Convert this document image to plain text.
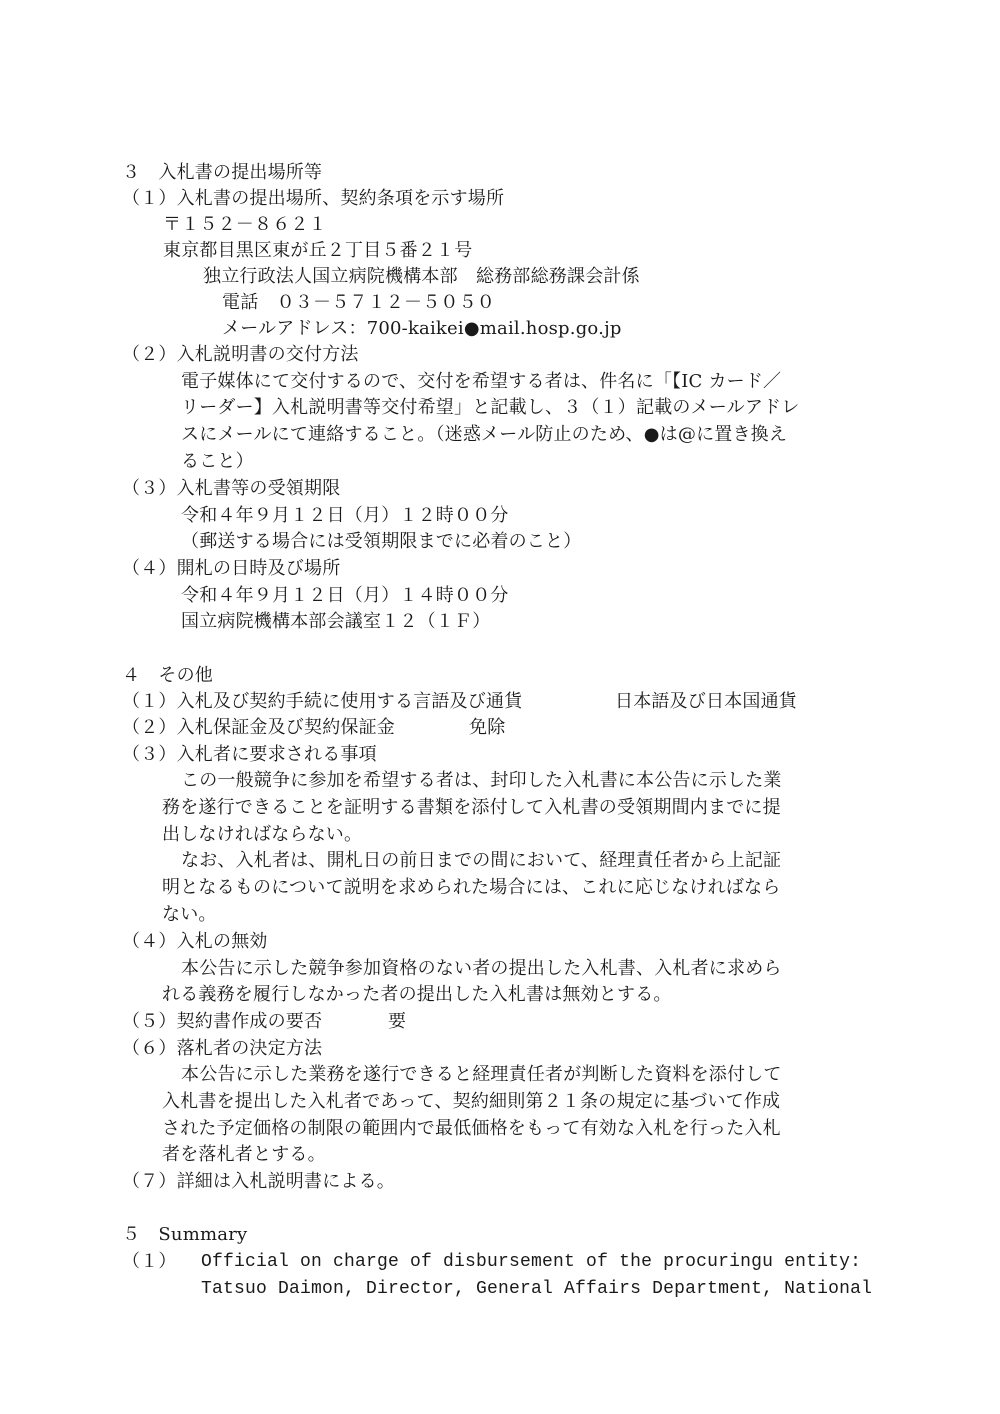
３　入札書の提出場所等
（１）入札書の提出場所、契約条項を示す場所
〒１５２－８６２１
東京都目黒区東が丘２丁目５番２１号
独立行政法人国立病院機構本部　総務部総務課会計係
電話　０３－５７１２－５０５０
メールアドレス：700-kaikei●mail.hosp.go.jp
（２）入札説明書の交付方法
電子媒体にて交付するので、交付を希望する者は、件名に「【IC カード／
リーダー】入札説明書等交付希望」と記載し、３（１）記載のメールアドレ
スにメールにて連絡すること。（迷惑メール防止のため、●は@に置き換え
ること）
（３）入札書等の受領期限
令和４年９月１２日（月）１２時００分
（郵送する場合には受領期限までに必着のこと）
（４）開札の日時及び場所
令和４年９月１２日（月）１４時００分
国立病院機構本部会議室１２（１Ｆ）
４　その他
（１）入札及び契約手続に使用する言語及び通貨	日本語及び日本国通貨
（２）入札保証金及び契約保証金	免除
（３）入札者に要求される事項
この一般競争に参加を希望する者は、封印した入札書に本公告に示した業
務を遂行できることを証明する書類を添付して入札書の受領期間内までに提
出しなければならない。
なお、入札者は、開札日の前日までの間において、経理責任者から上記証
明となるものについて説明を求められた場合には、これに応じなければなら
ない。
（４）入札の無効
本公告に示した競争参加資格のない者の提出した入札書、入札者に求めら
れる義務を履行しなかった者の提出した入札書は無効とする。
（５）契約書作成の要否	要
（６）落札者の決定方法
本公告に示した業務を遂行できると経理責任者が判断した資料を添付して
入札書を提出した入札者であって、契約細則第２１条の規定に基づいて作成
された予定価格の制限の範囲内で最低価格をもって有効な入札を行った入札
者を落札者とする。
（７）詳細は入札説明書による。
５　Summary
（１） Official on charge of disbursement of the procuringu entity:
Tatsuo Daimon, Director, General Affairs Department, National
